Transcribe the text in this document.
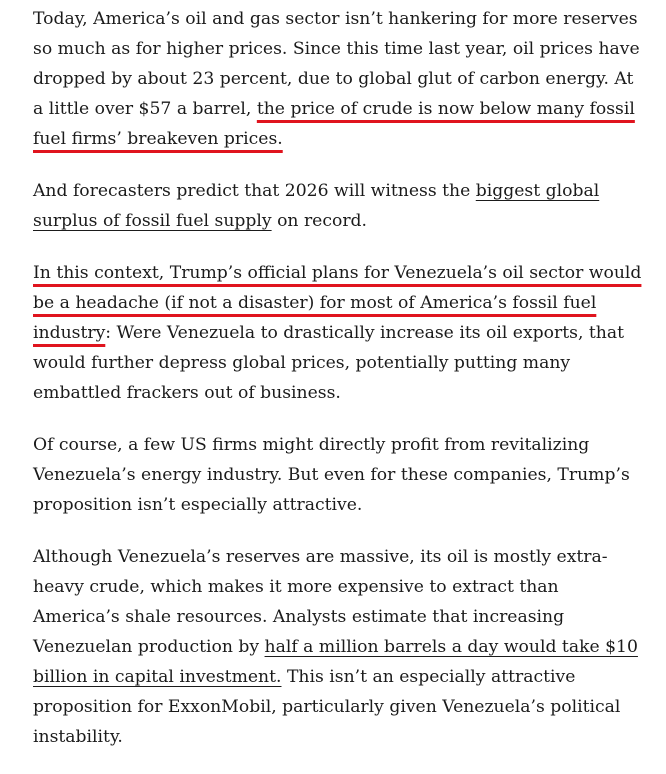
Today, America’s oil and gas sector isn’t hankering for more reserves so much as for higher prices. Since this time last year, oil prices have dropped by about 23 percent, due to global glut of carbon energy. At a little over $57 a barrel, the price of crude is now below many fossil fuel firms’ breakeven prices.

And forecasters predict that 2026 will witness the biggest global surplus of fossil fuel supply on record.

In this context, Trump’s official plans for Venezuela’s oil sector would be a headache (if not a disaster) for most of America’s fossil fuel industry: Were Venezuela to drastically increase its oil exports, that would further depress global prices, potentially putting many embattled frackers out of business.

Of course, a few US firms might directly profit from revitalizing Venezuela’s energy industry. But even for these companies, Trump’s proposition isn’t especially attractive.

Although Venezuela’s reserves are massive, its oil is mostly extra-heavy crude, which makes it more expensive to extract than America’s shale resources. Analysts estimate that increasing Venezuelan production by half a million barrels a day would take $10 billion in capital investment. This isn’t an especially attractive proposition for ExxonMobil, particularly given Venezuela’s political instability.
